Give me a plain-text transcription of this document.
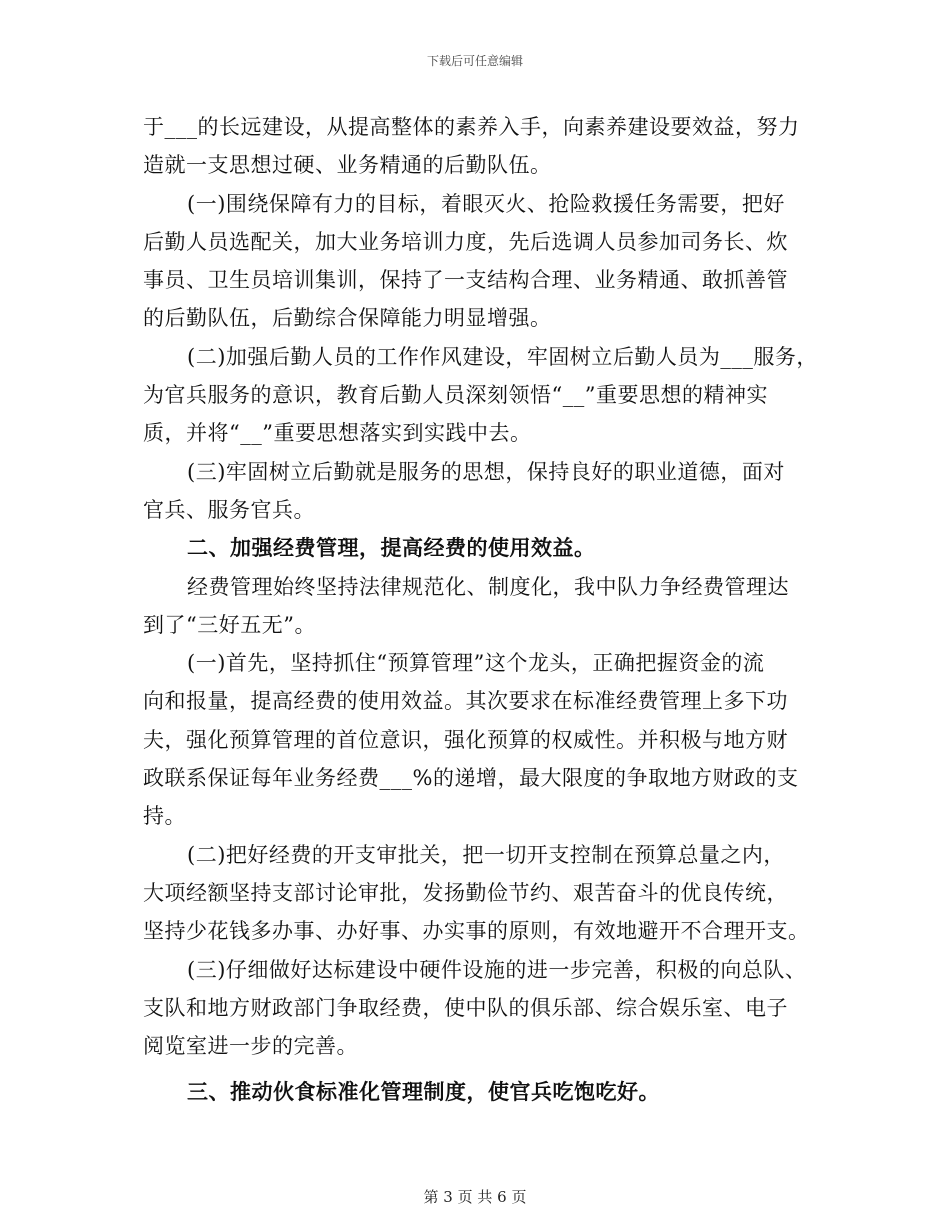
下载后可任意编辑
于___的长远建设，从提高整体的素养入手，向素养建设要效益，努力
造就一支思想过硬、业务精通的后勤队伍。
(一)围绕保障有力的目标，着眼灭火、抢险救援任务需要，把好
后勤人员选配关，加大业务培训力度，先后选调人员参加司务长、炊
事员、卫生员培训集训，保持了一支结构合理、业务精通、敢抓善管
的后勤队伍，后勤综合保障能力明显增强。
(二)加强后勤人员的工作作风建设，牢固树立后勤人员为___服务，
为官兵服务的意识，教育后勤人员深刻领悟“__”重要思想的精神实
质，并将“__”重要思想落实到实践中去。
(三)牢固树立后勤就是服务的思想，保持良好的职业道德，面对
官兵、服务官兵。
二、加强经费管理，提高经费的使用效益。
经费管理始终坚持法律规范化、制度化，我中队力争经费管理达
到了“三好五无”。
(一)首先，坚持抓住“预算管理”这个龙头，正确把握资金的流
向和报量，提高经费的使用效益。其次要求在标准经费管理上多下功
夫，强化预算管理的首位意识，强化预算的权威性。并积极与地方财
政联系保证每年业务经费___%的递增，最大限度的争取地方财政的支
持。
(二)把好经费的开支审批关，把一切开支控制在预算总量之内，
大项经额坚持支部讨论审批，发扬勤俭节约、艰苦奋斗的优良传统，
坚持少花钱多办事、办好事、办实事的原则，有效地避开不合理开支。
(三)仔细做好达标建设中硬件设施的进一步完善，积极的向总队、
支队和地方财政部门争取经费，使中队的俱乐部、综合娱乐室、电子
阅览室进一步的完善。
三、推动伙食标准化管理制度，使官兵吃饱吃好。
第 3 页 共 6 页
